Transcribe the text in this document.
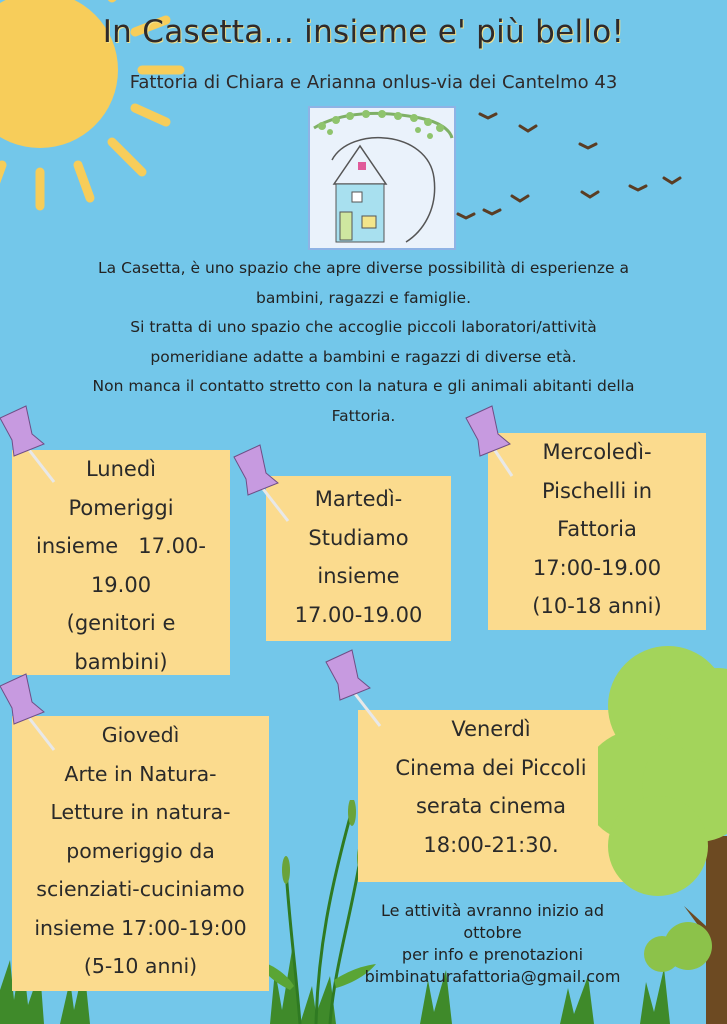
In Casetta... insieme e' più bello!
Fattoria di Chiara e Arianna onlus-via dei Cantelmo 43
La Casetta, è uno spazio che apre diverse possibilità di esperienze a
bambini, ragazzi e famiglie.
Si tratta di uno spazio che accoglie piccoli laboratori/attività
pomeridiane adatte a bambini e ragazzi di diverse età.
Non manca il contatto stretto con la natura e gli animali abitanti della
Fattoria.
Lunedì
Pomeriggi
insieme   17.00-
19.00
(genitori e
bambini)
Martedì-
Studiamo
insieme
17.00-19.00
Mercoledì-
Pischelli in
Fattoria
17:00-19.00
(10-18 anni)
Giovedì
Arte in Natura-
Letture in natura-
pomeriggio da
scienziati-cuciniamo
insieme 17:00-19:00
(5-10 anni)
Venerdì
Cinema dei Piccoli
serata cinema
18:00-21:30.
Le attività avranno inizio ad
ottobre
per info e prenotazioni
bimbinaturafattoria@gmail.com
